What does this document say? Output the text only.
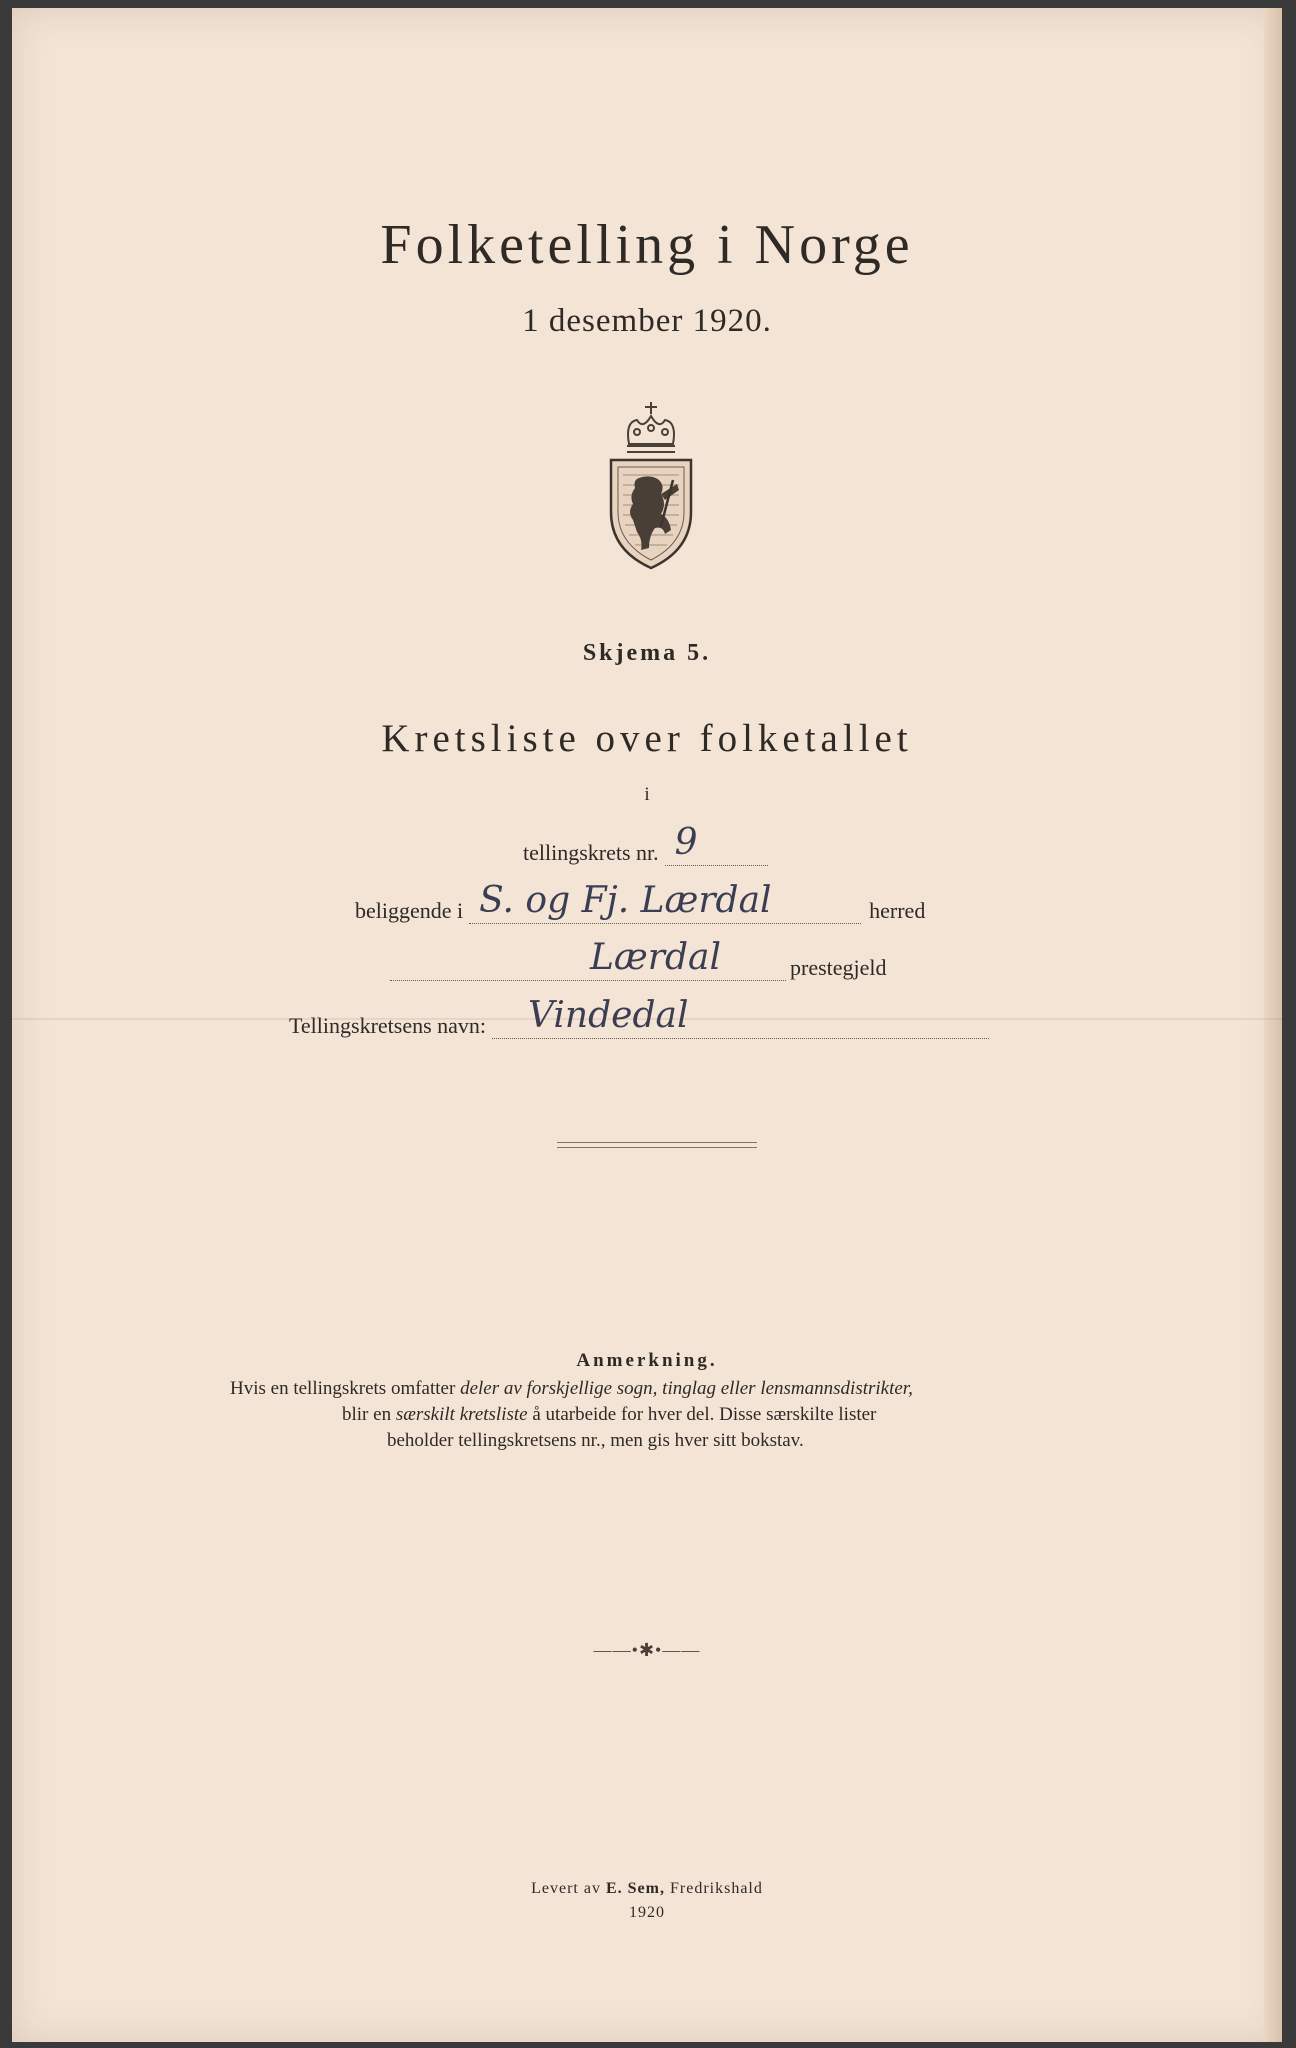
Folketelling i Norge
1 desember 1920.
Skjema 5.
Kretsliste over folketallet
i
tellingskrets nr. 9
beliggende i S. og Fj. Lærdal	herred
Lærdal	prestegjeld
Tellingskretsens navn: Vindedal
Anmerkning.
Hvis en tellingskrets omfatter deler av forskjellige sogn, tinglag eller lensmannsdistrikter,
blir en særskilt kretsliste å utarbeide for hver del. Disse særskilte lister
beholder tellingskretsens nr., men gis hver sitt bokstav.
——•✱•——
Levert av E. Sem, Fredrikshald
1920
